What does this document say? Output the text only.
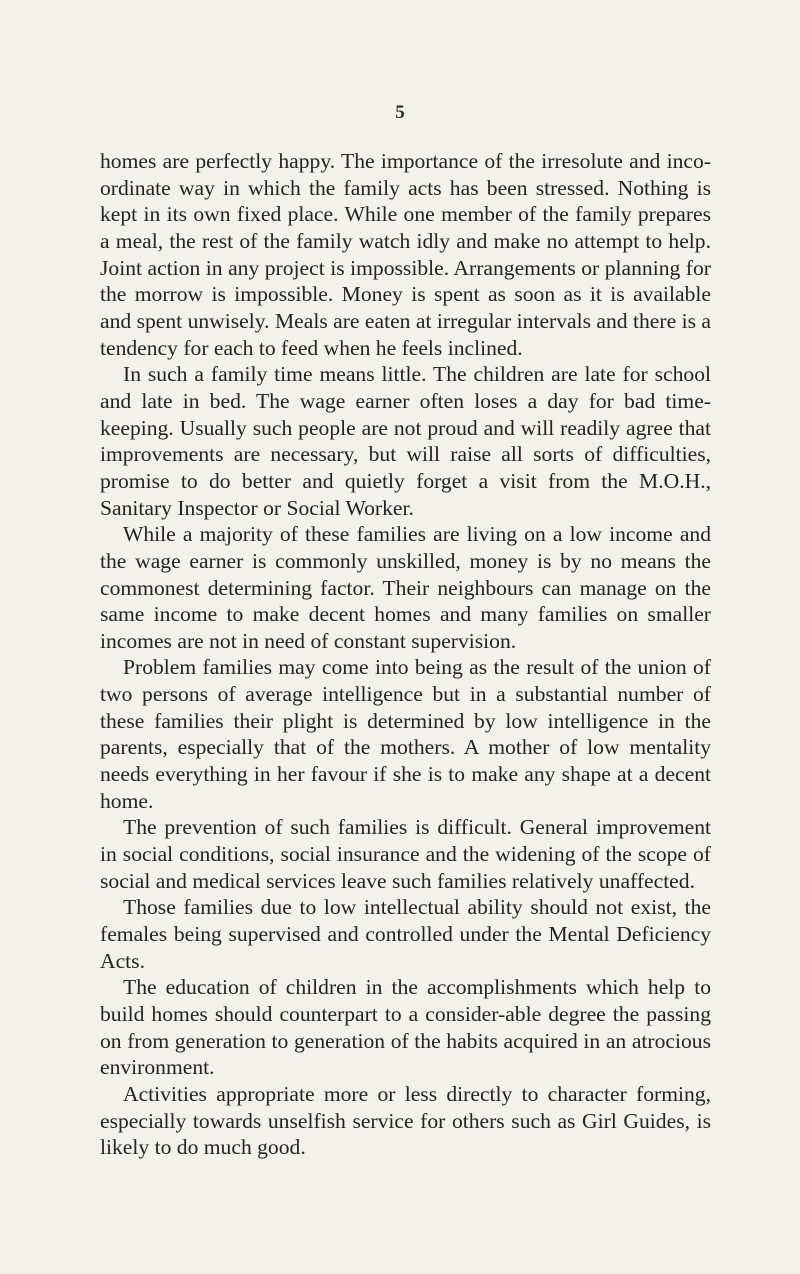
5

homes are perfectly happy. The importance of the irresolute and inco-ordinate way in which the family acts has been stressed. Nothing is kept in its own fixed place. While one member of the family prepares a meal, the rest of the family watch idly and make no attempt to help. Joint action in any project is impossible. Arrangements or planning for the morrow is impossible. Money is spent as soon as it is available and spent unwisely. Meals are eaten at irregular intervals and there is a tendency for each to feed when he feels inclined.

In such a family time means little. The children are late for school and late in bed. The wage earner often loses a day for bad time-keeping. Usually such people are not proud and will readily agree that improvements are necessary, but will raise all sorts of difficulties, promise to do better and quietly forget a visit from the M.O.H., Sanitary Inspector or Social Worker.

While a majority of these families are living on a low income and the wage earner is commonly unskilled, money is by no means the commonest determining factor. Their neighbours can manage on the same income to make decent homes and many families on smaller incomes are not in need of constant supervision.

Problem families may come into being as the result of the union of two persons of average intelligence but in a substantial number of these families their plight is determined by low intelligence in the parents, especially that of the mothers. A mother of low mentality needs everything in her favour if she is to make any shape at a decent home.

The prevention of such families is difficult. General improvement in social conditions, social insurance and the widening of the scope of social and medical services leave such families relatively unaffected.

Those families due to low intellectual ability should not exist, the females being supervised and controlled under the Mental Deficiency Acts.

The education of children in the accomplishments which help to build homes should counterpart to a consider-able degree the passing on from generation to generation of the habits acquired in an atrocious environment.

Activities appropriate more or less directly to character forming, especially towards unselfish service for others such as Girl Guides, is likely to do much good.
